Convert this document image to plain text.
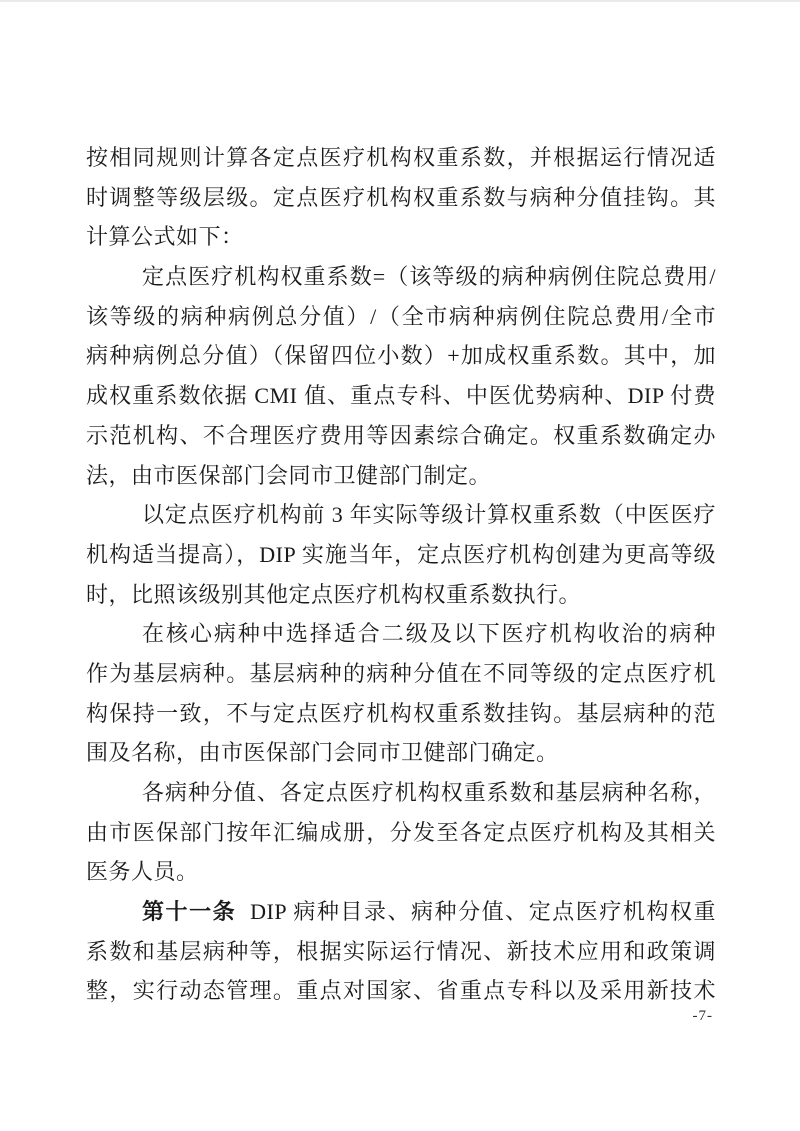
按相同规则计算各定点医疗机构权重系数，并根据运行情况适
时调整等级层级。定点医疗机构权重系数与病种分值挂钩。其
计算公式如下：
定点医疗机构权重系数=（该等级的病种病例住院总费用/
该等级的病种病例总分值）/（全市病种病例住院总费用/全市
病种病例总分值）（保留四位小数）+加成权重系数。其中，加
成权重系数依据 CMI 值、重点专科、中医优势病种、DIP 付费
示范机构、不合理医疗费用等因素综合确定。权重系数确定办
法，由市医保部门会同市卫健部门制定。
以定点医疗机构前 3 年实际等级计算权重系数（中医医疗
机构适当提高），DIP 实施当年，定点医疗机构创建为更高等级
时，比照该级别其他定点医疗机构权重系数执行。
在核心病种中选择适合二级及以下医疗机构收治的病种
作为基层病种。基层病种的病种分值在不同等级的定点医疗机
构保持一致，不与定点医疗机构权重系数挂钩。基层病种的范
围及名称，由市医保部门会同市卫健部门确定。
各病种分值、各定点医疗机构权重系数和基层病种名称，
由市医保部门按年汇编成册，分发至各定点医疗机构及其相关
医务人员。
第十一条 DIP 病种目录、病种分值、定点医疗机构权重
系数和基层病种等，根据实际运行情况、新技术应用和政策调
整，实行动态管理。重点对国家、省重点专科以及采用新技术
-7-
